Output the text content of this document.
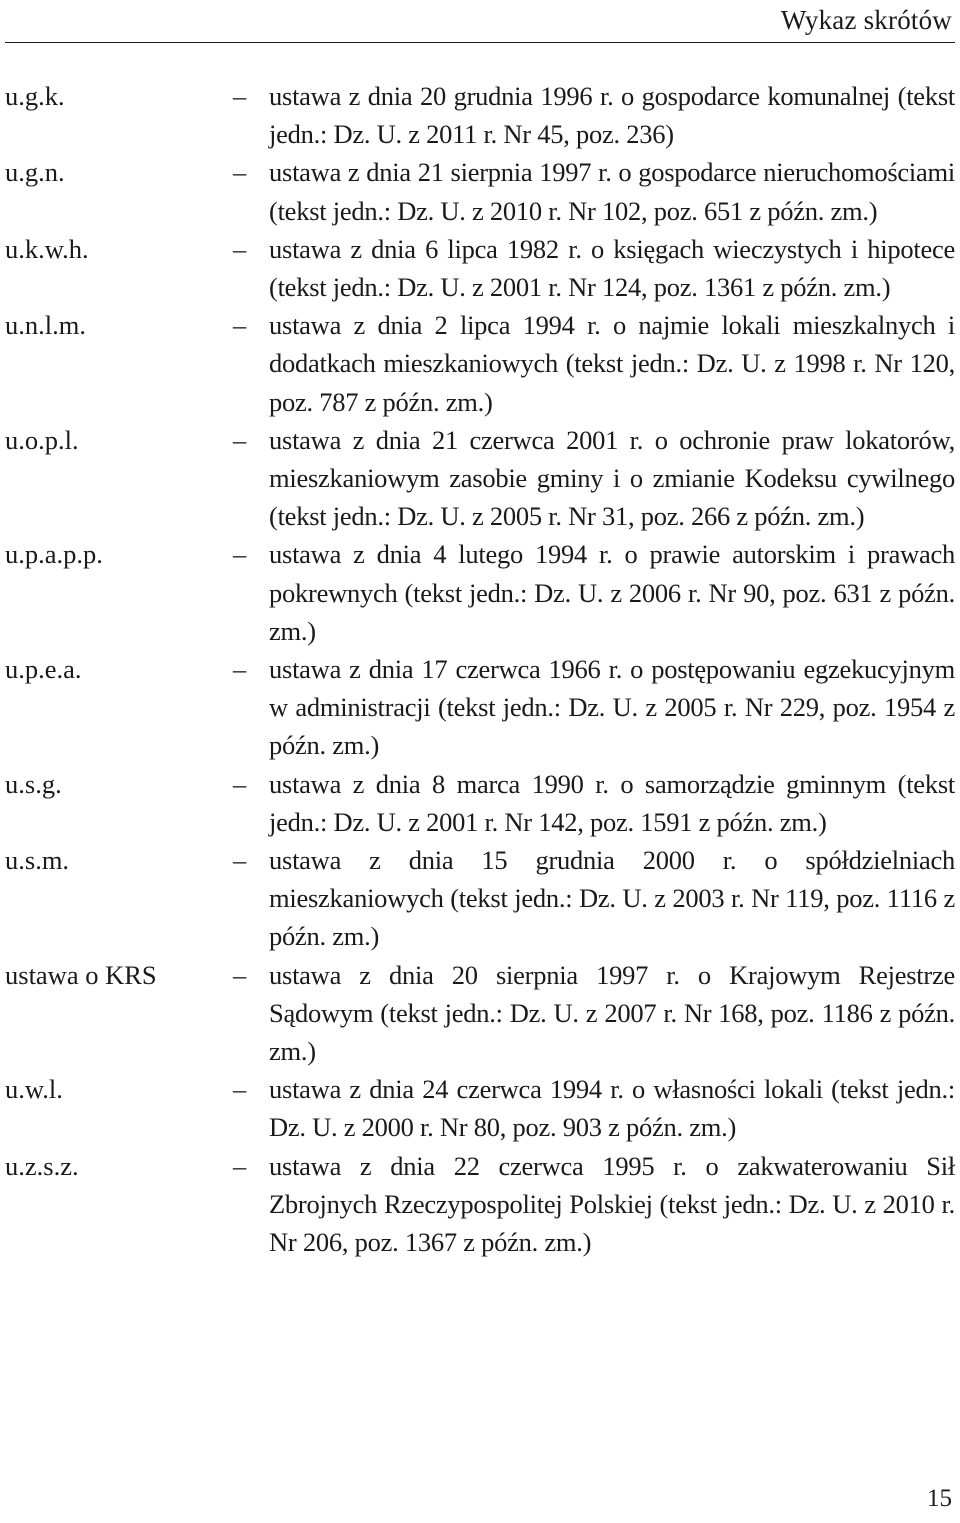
Wykaz skrótów
u.g.k.	– ustawa z dnia 20 grudnia 1996 r. o gospodarce komunalnej (tekst jedn.: Dz. U. z 2011 r. Nr 45, poz. 236)
u.g.n.	– ustawa z dnia 21 sierpnia 1997 r. o gospodarce nieruchomościami (tekst jedn.: Dz. U. z 2010 r. Nr 102, poz. 651 z późn. zm.)
u.k.w.h.	– ustawa z dnia 6 lipca 1982 r. o księgach wieczystych i hipotece (tekst jedn.: Dz. U. z 2001 r. Nr 124, poz. 1361 z późn. zm.)
u.n.l.m.	– ustawa z dnia 2 lipca 1994 r. o najmie lokali mieszkalnych i dodatkach mieszkaniowych (tekst jedn.: Dz. U. z 1998 r. Nr 120, poz. 787 z późn. zm.)
u.o.p.l.	– ustawa z dnia 21 czerwca 2001 r. o ochronie praw lokatorów, mieszkaniowym zasobie gminy i o zmianie Kodeksu cywilnego (tekst jedn.: Dz. U. z 2005 r. Nr 31, poz. 266 z późn. zm.)
u.p.a.p.p.	– ustawa z dnia 4 lutego 1994 r. o prawie autorskim i prawach pokrewnych (tekst jedn.: Dz. U. z 2006 r. Nr 90, poz. 631 z późn. zm.)
u.p.e.a.	– ustawa z dnia 17 czerwca 1966 r. o postępowaniu egzekucyjnym w administracji (tekst jedn.: Dz. U. z 2005 r. Nr 229, poz. 1954 z późn. zm.)
u.s.g.	– ustawa z dnia 8 marca 1990 r. o samorządzie gminnym (tekst jedn.: Dz. U. z 2001 r. Nr 142, poz. 1591 z późn. zm.)
u.s.m.	– ustawa z dnia 15 grudnia 2000 r. o spółdzielniach mieszkaniowych (tekst jedn.: Dz. U. z 2003 r. Nr 119, poz. 1116 z późn. zm.)
ustawa o KRS	– ustawa z dnia 20 sierpnia 1997 r. o Krajowym Rejestrze Sądowym (tekst jedn.: Dz. U. z 2007 r. Nr 168, poz. 1186 z późn. zm.)
u.w.l.	– ustawa z dnia 24 czerwca 1994 r. o własności lokali (tekst jedn.: Dz. U. z 2000 r. Nr 80, poz. 903 z późn. zm.)
u.z.s.z.	– ustawa z dnia 22 czerwca 1995 r. o zakwaterowaniu Sił Zbrojnych Rzeczypospolitej Polskiej (tekst jedn.: Dz. U. z 2010 r. Nr 206, poz. 1367 z późn. zm.)
15
